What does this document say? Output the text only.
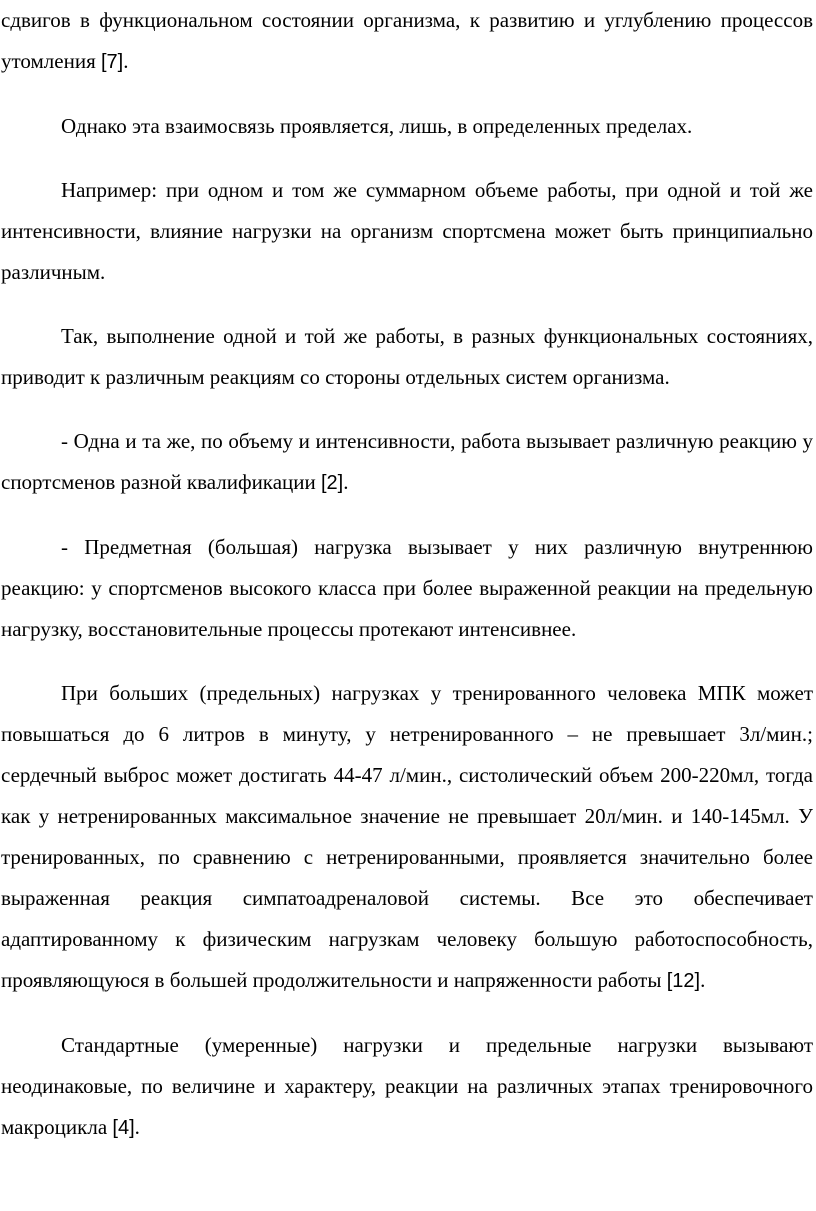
сдвигов в функциональном состоянии организма, к развитию и углублению процессов утомления [7].

Однако эта взаимосвязь проявляется, лишь, в определенных пределах.

Например: при одном и том же суммарном объеме работы, при одной и той же интенсивности, влияние нагрузки на организм спортсмена может быть принципиально различным.

Так, выполнение одной и той же работы, в разных функциональных состояниях, приводит к различным реакциям со стороны отдельных систем организма.

- Одна и та же, по объему и интенсивности, работа вызывает различную реакцию у спортсменов разной квалификации [2].

- Предметная (большая) нагрузка вызывает у них различную внутреннюю реакцию: у спортсменов высокого класса при более выраженной реакции на предельную нагрузку, восстановительные процессы протекают интенсивнее.

При больших (предельных) нагрузках у тренированного человека МПК может повышаться до 6 литров в минуту, у нетренированного – не превышает 3л/мин.; сердечный выброс может достигать 44-47 л/мин., систолический объем 200-220мл, тогда как у нетренированных максимальное значение не превышает 20л/мин. и 140-145мл. У тренированных, по сравнению с нетренированными, проявляется значительно более выраженная реакция симпатоадреналовой системы. Все это обеспечивает адаптированному к физическим нагрузкам человеку большую работоспособность, проявляющуюся в большей продолжительности и напряженности работы [12].

Стандартные (умеренные) нагрузки и предельные нагрузки вызывают неодинаковые, по величине и характеру, реакции на различных этапах тренировочного макроцикла [4].
